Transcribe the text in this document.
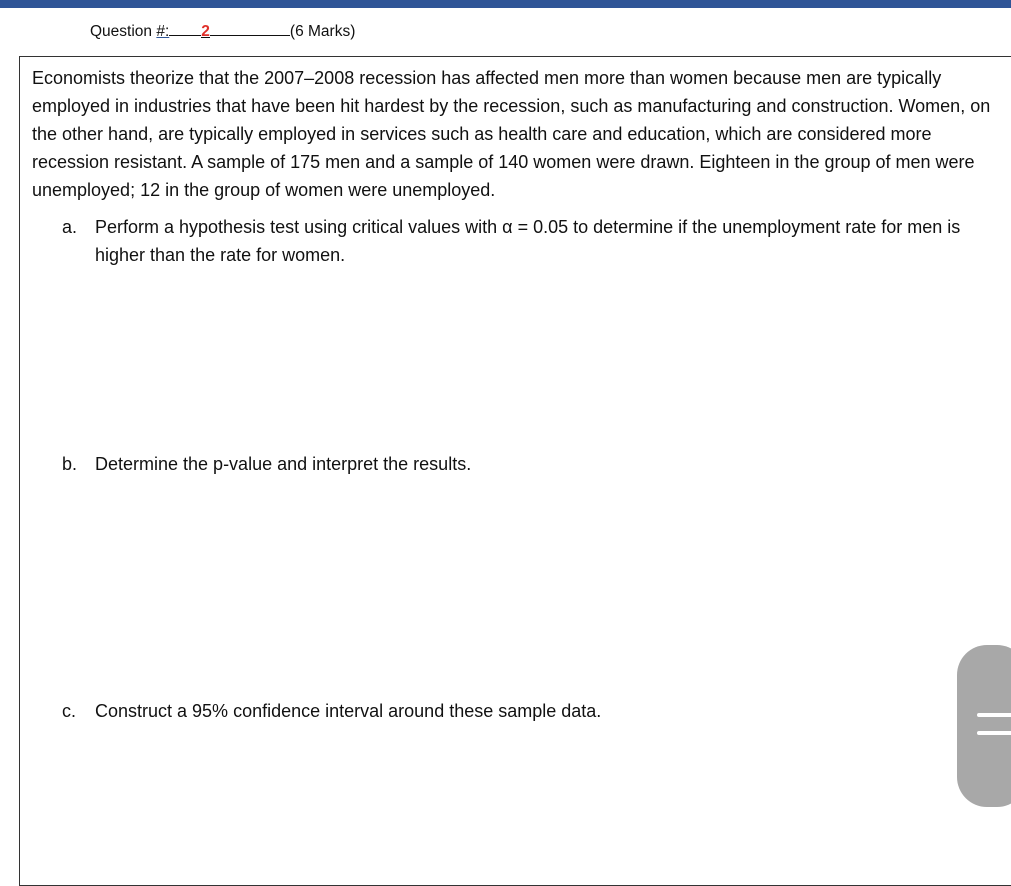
Question #: 2	(6 Marks)
Economists theorize that the 2007–2008 recession has affected men more than women because men are typically employed in industries that have been hit hardest by the recession, such as manufacturing and construction. Women, on the other hand, are typically employed in services such as health care and education, which are considered more recession resistant. A sample of 175 men and a sample of 140 women were drawn. Eighteen in the group of men were unemployed; 12 in the group of women were unemployed.
a. Perform a hypothesis test using critical values with α = 0.05 to determine if the unemployment rate for men is higher than the rate for women.
b. Determine the p-value and interpret the results.
c. Construct a 95% confidence interval around these sample data.
